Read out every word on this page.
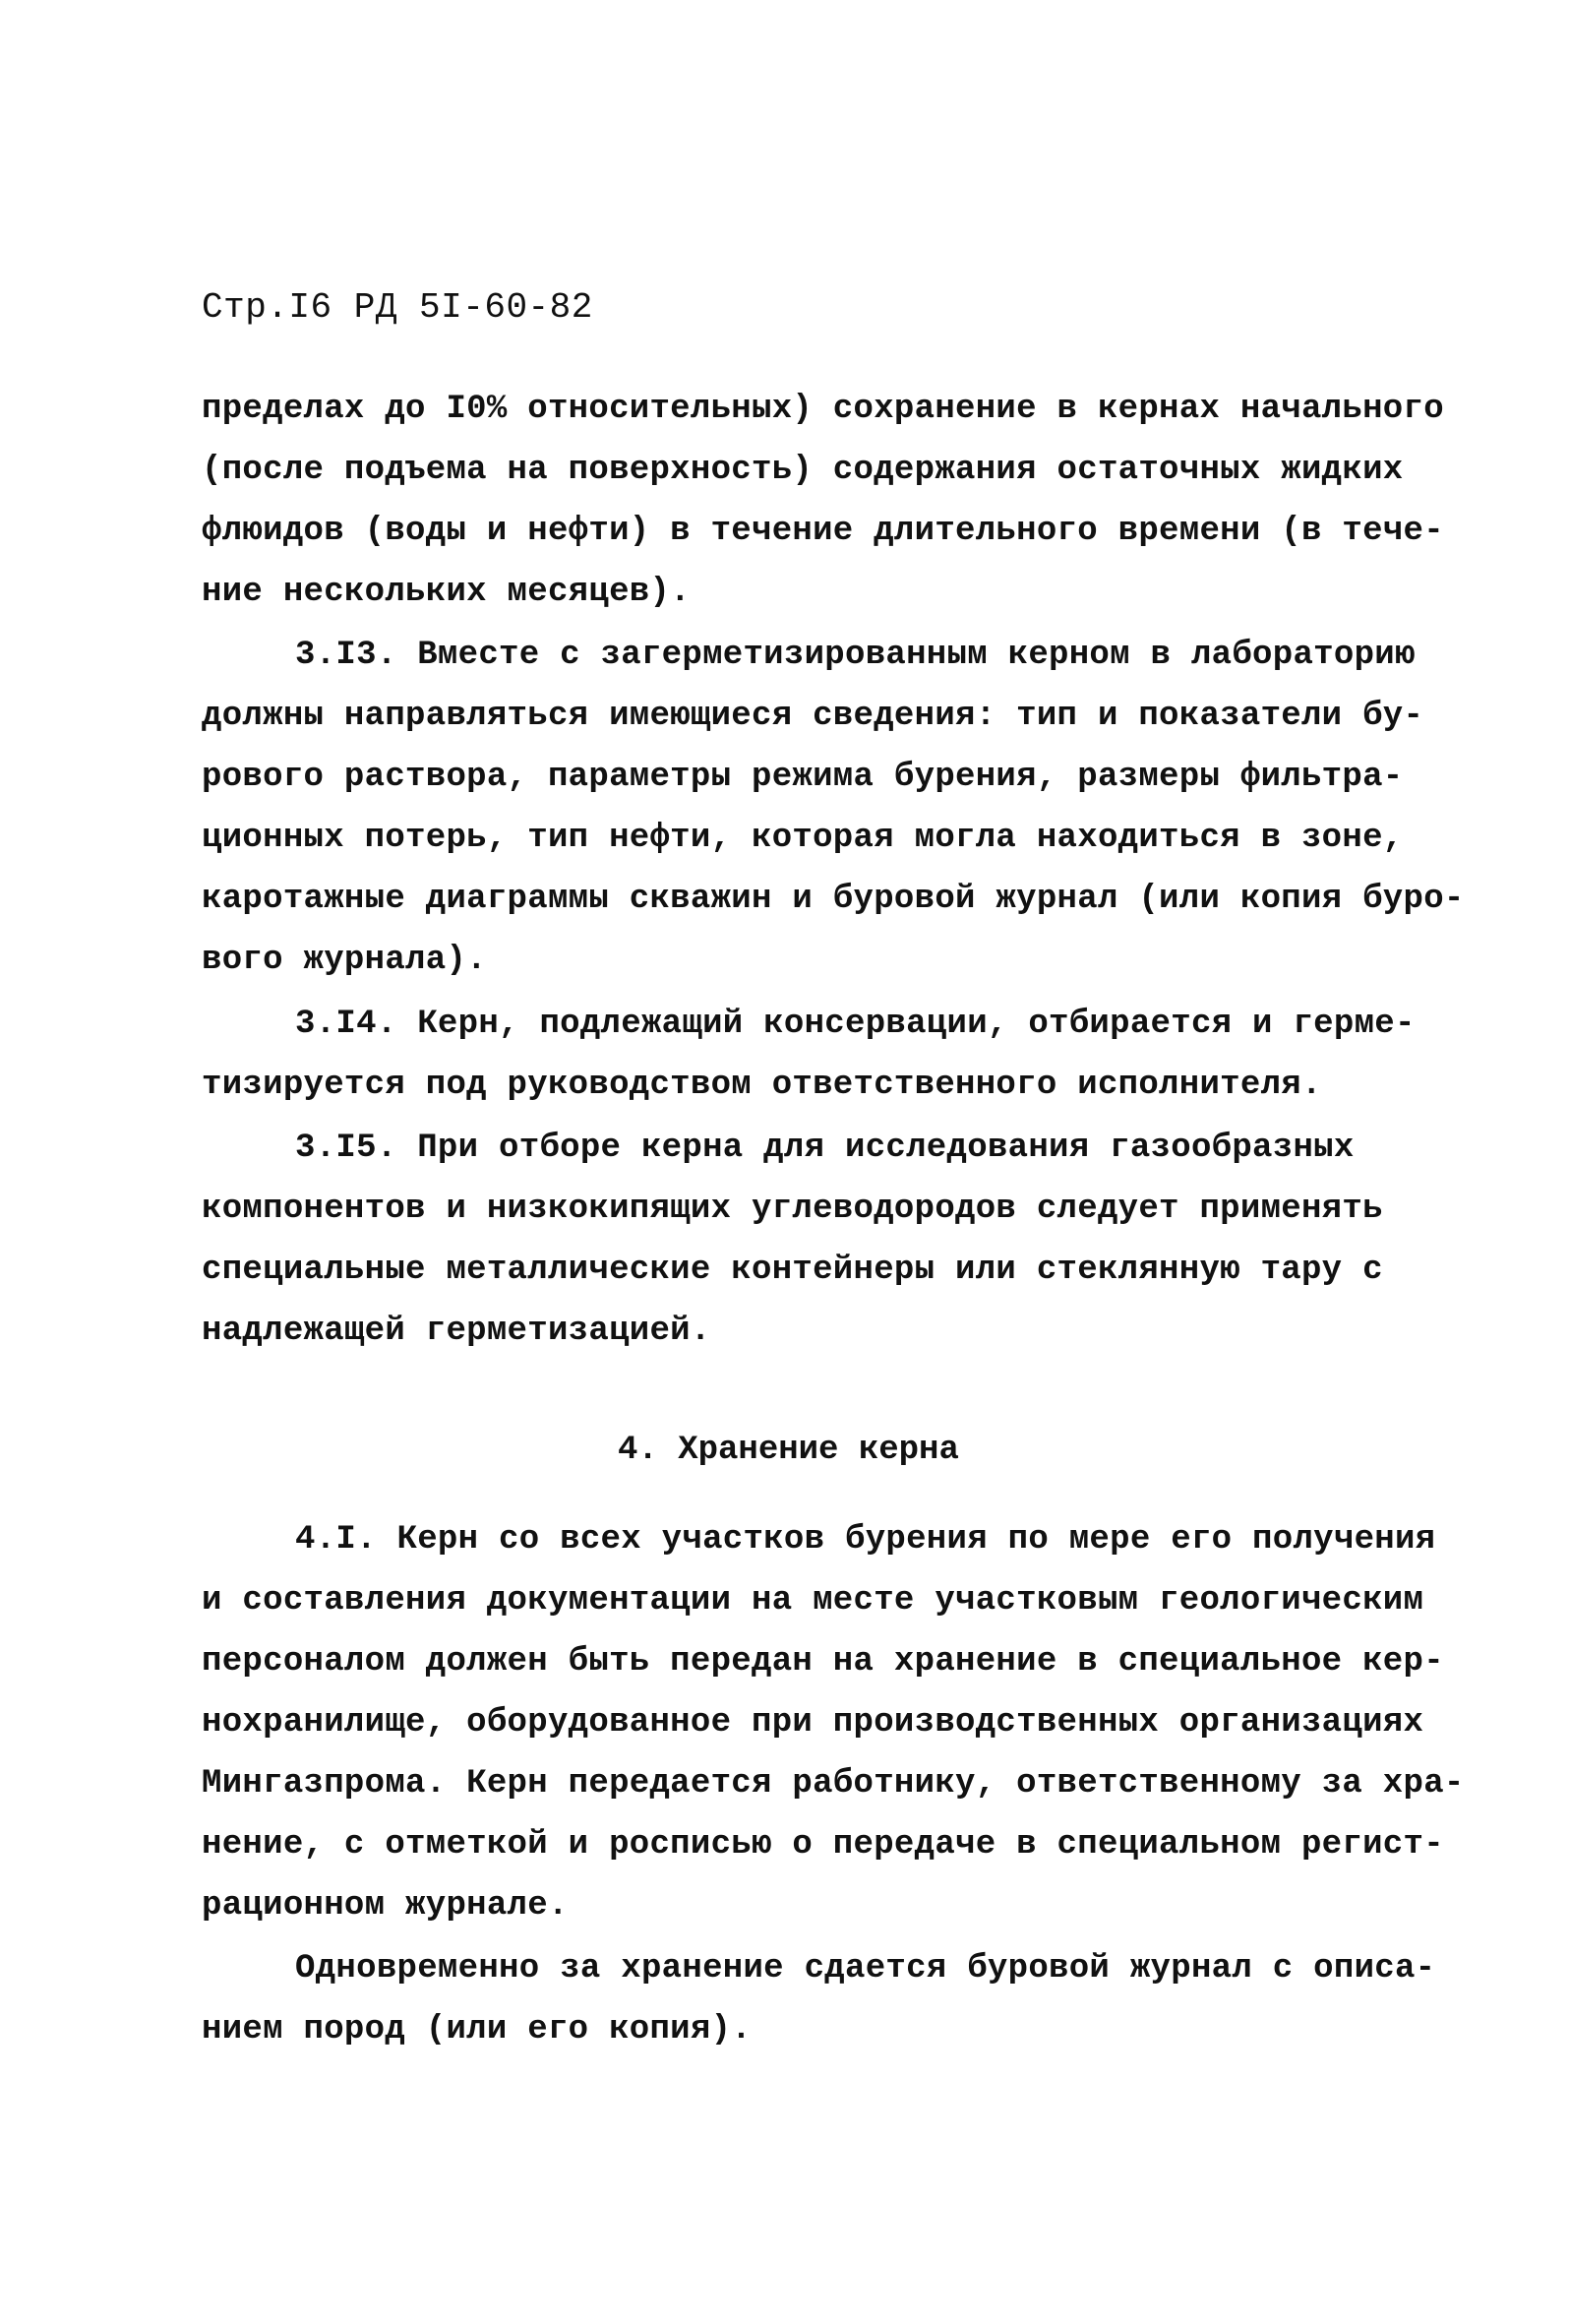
Стр.I6 РД 5I-60-82
пределах до I0% относительных) сохранение в кернах начального
(после подъема на поверхность) содержания остаточных жидких
флюидов (воды и нефти) в течение длительного времени (в тече-
ние нескольких месяцев).
3.I3. Вместе с загерметизированным керном в лабораторию
должны направляться имеющиеся сведения: тип и показатели бу-
рового раствора, параметры режима бурения, размеры фильтра-
ционных потерь, тип нефти, которая могла находиться в зоне,
каротажные диаграммы скважин и буровой журнал (или копия буро-
вого журнала).
3.I4. Керн, подлежащий консервации, отбирается и герме-
тизируется под руководством ответственного исполнителя.
3.I5. При отборе керна для исследования газообразных
компонентов и низкокипящих углеводородов следует применять
специальные металлические контейнеры или стеклянную тару с
надлежащей герметизацией.
4. Хранение керна
4.I. Керн со всех участков бурения по мере его получения
и составления документации на месте участковым геологическим
персоналом должен быть передан на хранение в специальное кер-
нохранилище, оборудованное при производственных организациях
Мингазпрома. Керн передается работнику, ответственному за хра-
нение, с отметкой и росписью о передаче в специальном регист-
рационном журнале.
Одновременно за хранение сдается буровой журнал с описа-
нием пород (или его копия).
